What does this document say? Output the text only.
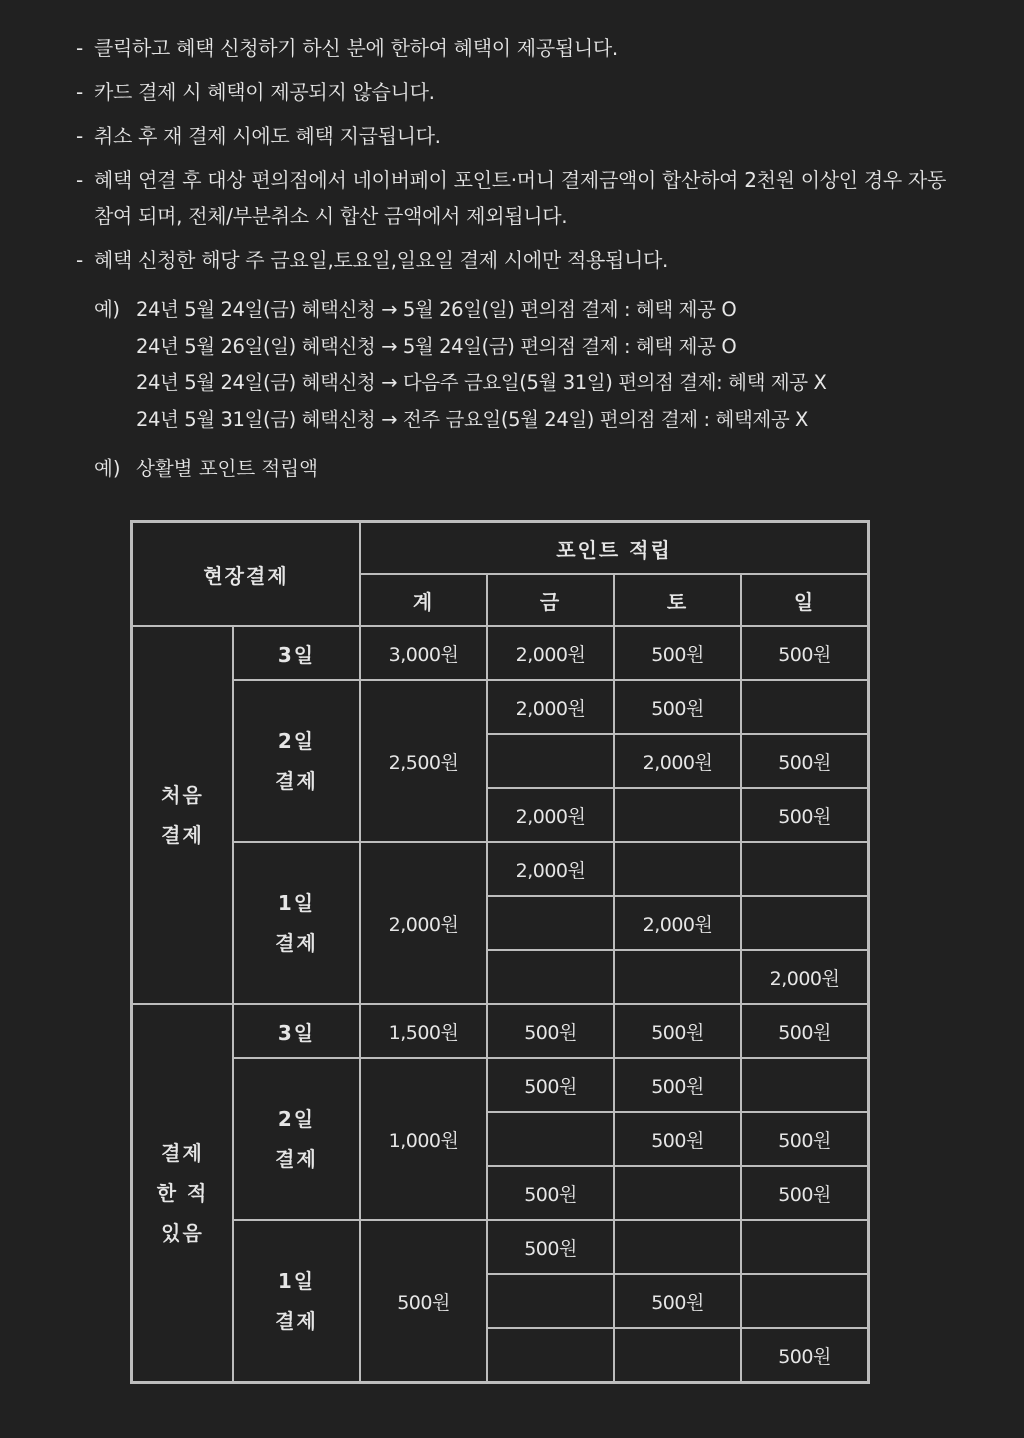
- 클릭하고 혜택 신청하기 하신 분에 한하여 혜택이 제공됩니다.
- 카드 결제 시 혜택이 제공되지 않습니다.
- 취소 후 재 결제 시에도 혜택 지급됩니다.
- 혜택 연결 후 대상 편의점에서 네이버페이 포인트·머니 결제금액이 합산하여 2천원 이상인 경우 자동 참여 되며, 전체/부분취소 시 합산 금액에서 제외됩니다.
- 혜택 신청한 해당 주 금요일,토요일,일요일 결제 시에만 적용됩니다.
예) 24년 5월 24일(금) 혜택신청 → 5월 26일(일) 편의점 결제 : 혜택 제공 O
24년 5월 26일(일) 혜택신청 → 5월 24일(금) 편의점 결제 : 혜택 제공 O
24년 5월 24일(금) 혜택신청 → 다음주 금요일(5월 31일) 편의점 결제: 혜택 제공 X
24년 5월 31일(금) 혜택신청 → 전주 금요일(5월 24일) 편의점 결제 : 혜택제공 X
예) 상활별 포인트 적립액
현장결제		포인트 적립			
		계	금	토	일
처음 결제	3일	3,000원	2,000원	500원	500원
	2일 결제	2,500원	2,000원	500원	
				2,000원	500원
			2,000원		500원
	1일 결제	2,000원	2,000원		
				2,000원	
					2,000원
결제 한 적 있음	3일	1,500원	500원	500원	500원
	2일 결제	1,000원	500원	500원	
				500원	500원
			500원		500원
	1일 결제	500원	500원		
				500원	
					500원
